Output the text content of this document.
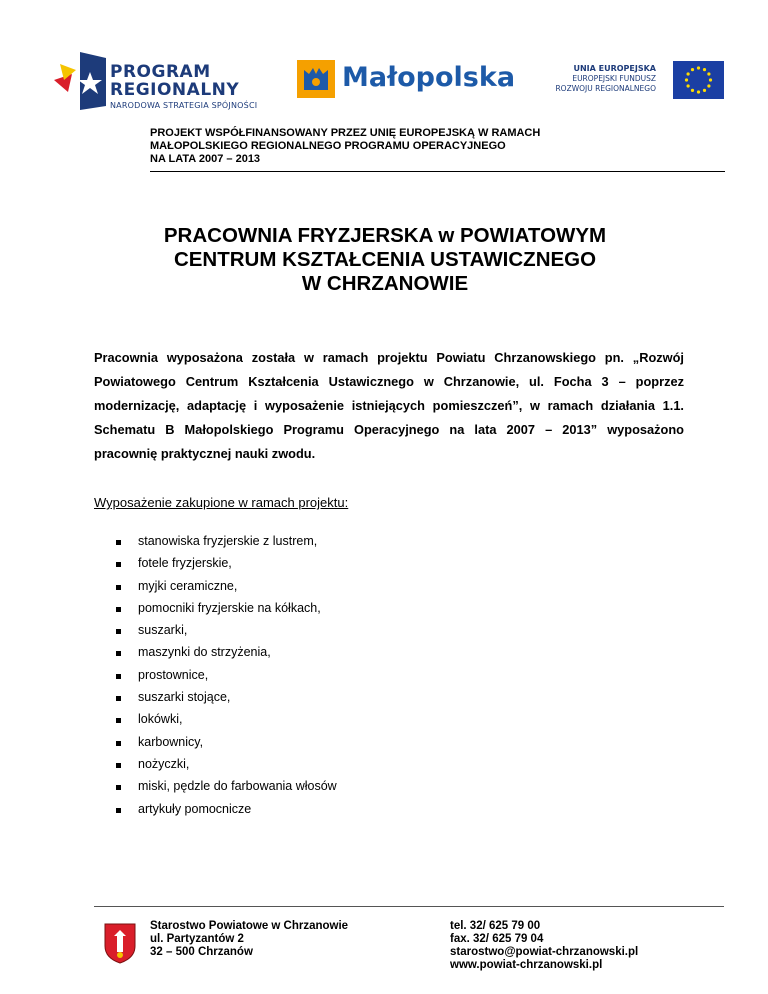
PROGRAM
REGIONALNY
NARODOWA STRATEGIA SPÓJNOŚCI
Małopolska	UNIA EUROPEJSKA
EUROPEJSKI FUNDUSZ
ROZWOJU REGIONALNEGO
PROJEKT WSPÓŁFINANSOWANY PRZEZ UNIĘ EUROPEJSKĄ W RAMACH
MAŁOPOLSKIEGO REGIONALNEGO PROGRAMU OPERACYJNEGO
NA LATA 2007 – 2013
PRACOWNIA FRYZJERSKA w POWIATOWYM
CENTRUM KSZTAŁCENIA USTAWICZNEGO
W CHRZANOWIE

Pracownia wyposażona została w ramach projektu Powiatu Chrzanowskiego pn. „Rozwój Powiatowego Centrum Kształcenia Ustawicznego w Chrzanowie, ul. Focha 3 – poprzez modernizację, adaptację i wyposażenie istniejących pomieszczeń”, w ramach działania 1.1. Schematu B Małopolskiego Programu Operacyjnego na lata 2007 – 2013” wyposażono pracownię praktycznej nauki zwodu.

Wyposażenie zakupione w ramach projektu:
stanowiska fryzjerskie z lustrem,
fotele fryzjerskie,
myjki ceramiczne,
pomocniki fryzjerskie na kółkach,
suszarki,
maszynki do strzyżenia,
prostownice,
suszarki stojące,
lokówki,
karbownicy,
nożyczki,
miski, pędzle do farbowania włosów
artykuły pomocnicze
Starostwo Powiatowe w Chrzanowie
ul. Partyzantów 2
32 – 500 Chrzanów
tel. 32/ 625 79 00
fax. 32/ 625 79 04
starostwo@powiat-chrzanowski.pl
www.powiat-chrzanowski.pl
